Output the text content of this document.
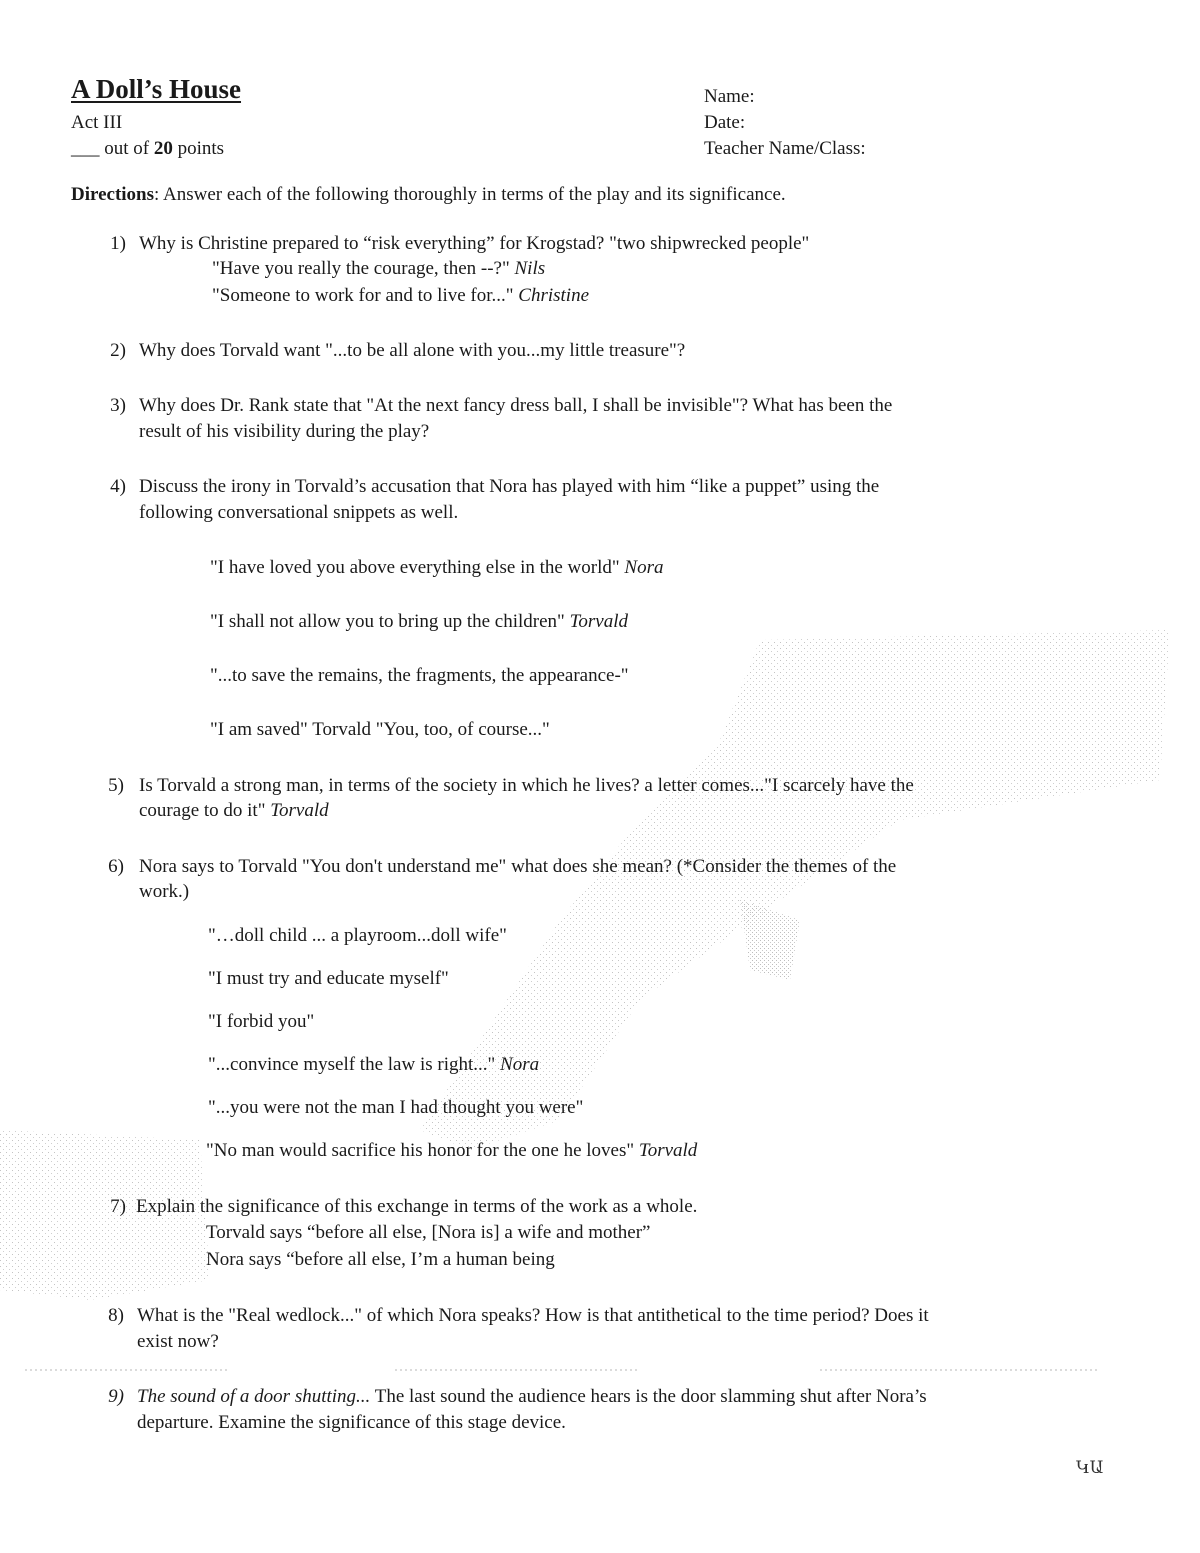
A Doll’s House
Act III
___ out of 20 points
Name:
Date:
Teacher Name/Class:
Directions: Answer each of the following thoroughly in terms of the play and its significance.
1) Why is Christine prepared to “risk everything” for Krogstad? "two shipwrecked people"
"Have you really the courage, then --?" Nils
"Someone to work for and to live for..." Christine
2) Why does Torvald want "...to be all alone with you...my little treasure"?
3) Why does Dr. Rank state that "At the next fancy dress ball, I shall be invisible"? What has been the
result of his visibility during the play?
4) Discuss the irony in Torvald’s accusation that Nora has played with him “like a puppet” using the
following conversational snippets as well.
"I have loved you above everything else in the world" Nora
"I shall not allow you to bring up the children" Torvald
"...to save the remains, the fragments, the appearance-"
"I am saved" Torvald "You, too, of course..."
5) Is Torvald a strong man, in terms of the society in which he lives? a letter comes..."I scarcely have the
courage to do it" Torvald
6) Nora says to Torvald "You don't understand me" what does she mean? (*Consider the themes of the
work.)
"…doll child ... a playroom...doll wife"
"I must try and educate myself"
"I forbid you"
"...convince myself the law is right..." Nora
"...you were not the man I had thought you were"
"No man would sacrifice his honor for the one he loves" Torvald
7) Explain the significance of this exchange in terms of the work as a whole.
Torvald says “before all else, [Nora is] a wife and mother”
Nora says “before all else, I’m a human being
8) What is the "Real wedlock..." of which Nora speaks? How is that antithetical to the time period? Does it
exist now?
9) The sound of a door shutting... The last sound the audience hears is the door slamming shut after Nora’s
departure. Examine the significance of this stage device.
ԿԱ
